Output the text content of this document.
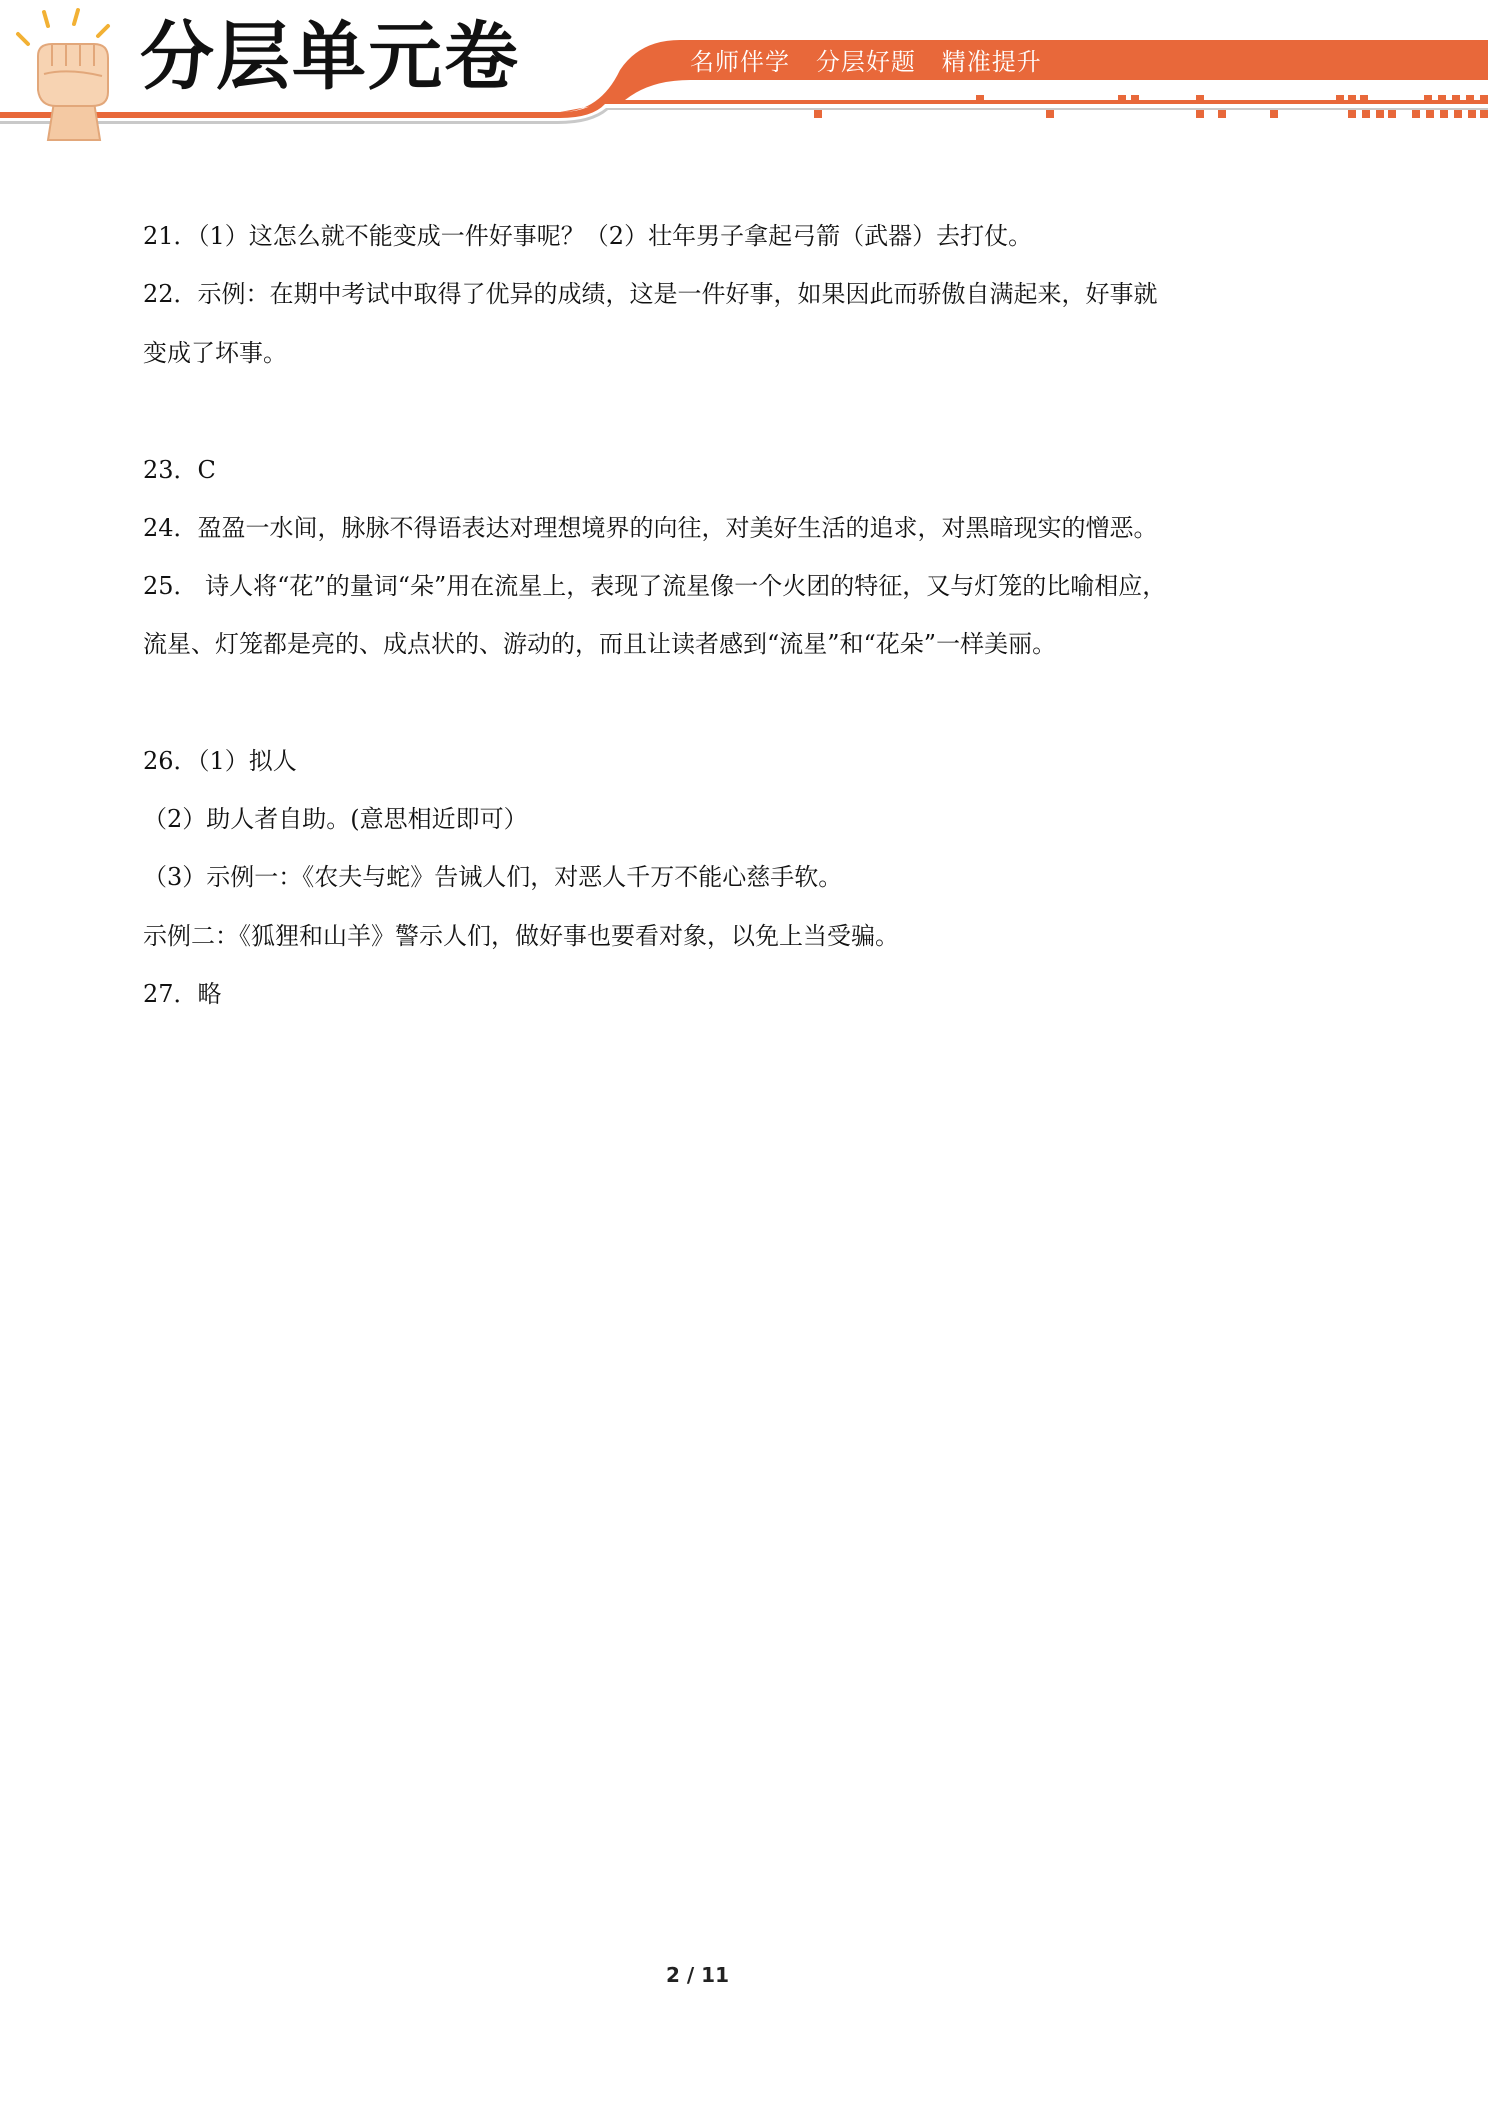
分层单元卷	名师伴学   分层好题   精准提升
21．（1）这怎么就不能变成一件好事呢？（2）壮年男子拿起弓箭（武器）去打仗。
22．示例：在期中考试中取得了优异的成绩，这是一件好事，如果因此而骄傲自满起来，好事就
变成了坏事。
23．C
24．盈盈一水间，脉脉不得语表达对理想境界的向往，对美好生活的追求，对黑暗现实的憎恶。
25． 诗人将“花”的量词“朵”用在流星上，表现了流星像一个火团的特征，又与灯笼的比喻相应，
流星、灯笼都是亮的、成点状的、游动的，而且让读者感到“流星”和“花朵”一样美丽。
26．（1）拟人
（2）助人者自助。(意思相近即可）
（3）示例一：《农夫与蛇》告诫人们，对恶人千万不能心慈手软。
示例二：《狐狸和山羊》警示人们，做好事也要看对象，以免上当受骗。
27．略
2 / 11
